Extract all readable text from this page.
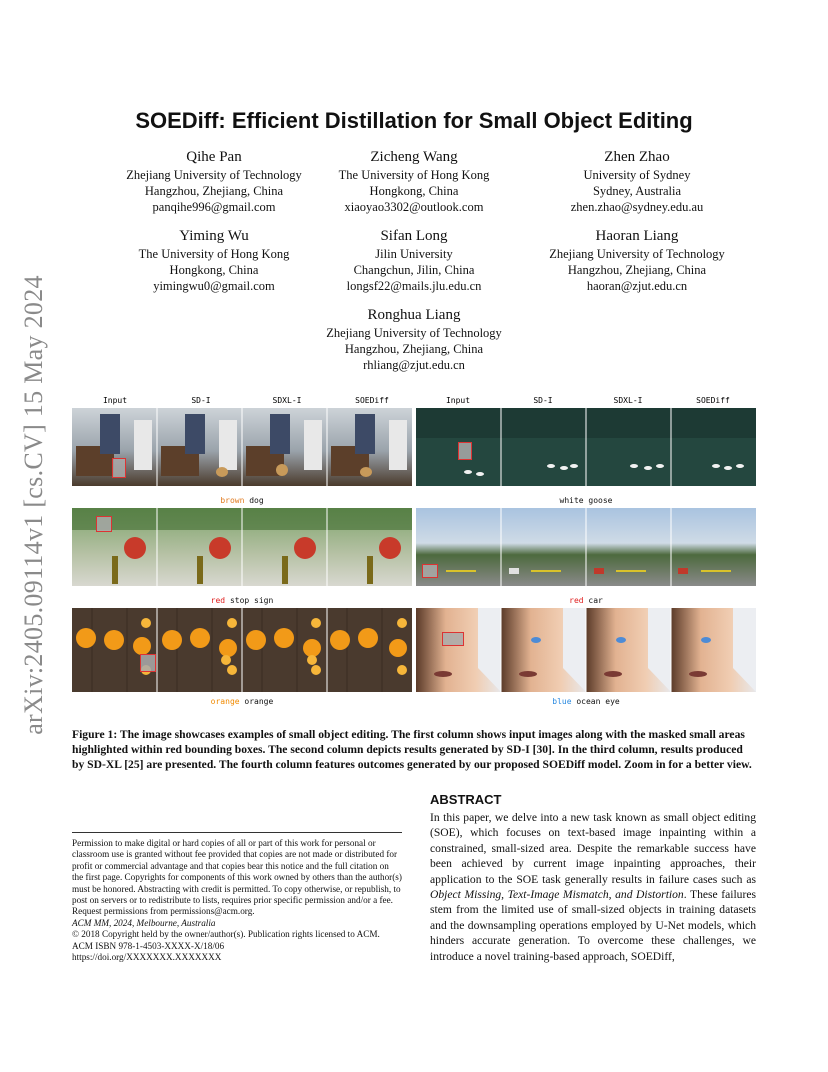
arXiv:2405.09114v1 [cs.CV] 15 May 2024
SOEDiff: Efficient Distillation for Small Object Editing
Qihe Pan
Zhejiang University of Technology
Hangzhou, Zhejiang, China
panqihe996@gmail.com
Zicheng Wang
The University of Hong Kong
Hongkong, China
xiaoyao3302@outlook.com
Zhen Zhao
University of Sydney
Sydney, Australia
zhen.zhao@sydney.edu.au
Yiming Wu
The University of Hong Kong
Hongkong, China
yimingwu0@gmail.com
Sifan Long
Jilin University
Changchun, Jilin, China
longsf22@mails.jlu.edu.cn
Haoran Liang
Zhejiang University of Technology
Hangzhou, Zhejiang, China
haoran@zjut.edu.cn
Ronghua Liang
Zhejiang University of Technology
Hangzhou, Zhejiang, China
rhliang@zjut.edu.cn
Input	SD-I	SDXL-I	SOEDiff	Input	SD-I	SDXL-I	SOEDiff
brown dog	white goose
red stop sign	red car
orange orange	blue ocean eye
Figure 1: The image showcases examples of small object editing. The first column shows input images along with the masked small areas highlighted within red bounding boxes. The second column depicts results generated by SD-I [30]. In the third column, results produced by SD-XL [25] are presented. The fourth column features outcomes generated by our proposed SOEDiff model. Zoom in for a better view.
Permission to make digital or hard copies of all or part of this work for personal or classroom use is granted without fee provided that copies are not made or distributed for profit or commercial advantage and that copies bear this notice and the full citation on the first page. Copyrights for components of this work owned by others than the author(s) must be honored. Abstracting with credit is permitted. To copy otherwise, or republish, to post on servers or to redistribute to lists, requires prior specific permission and/or a fee. Request permissions from permissions@acm.org.
ACM MM, 2024, Melbourne, Australia
© 2018 Copyright held by the owner/author(s). Publication rights licensed to ACM.
ACM ISBN 978-1-4503-XXXX-X/18/06
https://doi.org/XXXXXXX.XXXXXXX
ABSTRACT
In this paper, we delve into a new task known as small object editing (SOE), which focuses on text-based image inpainting within a constrained, small-sized area. Despite the remarkable success have been achieved by current image inpainting approaches, their application to the SOE task generally results in failure cases such as Object Missing, Text-Image Mismatch, and Distortion. These failures stem from the limited use of small-sized objects in training datasets and the downsampling operations employed by U-Net models, which hinders accurate generation. To overcome these challenges, we introduce a novel training-based approach, SOEDiff,
